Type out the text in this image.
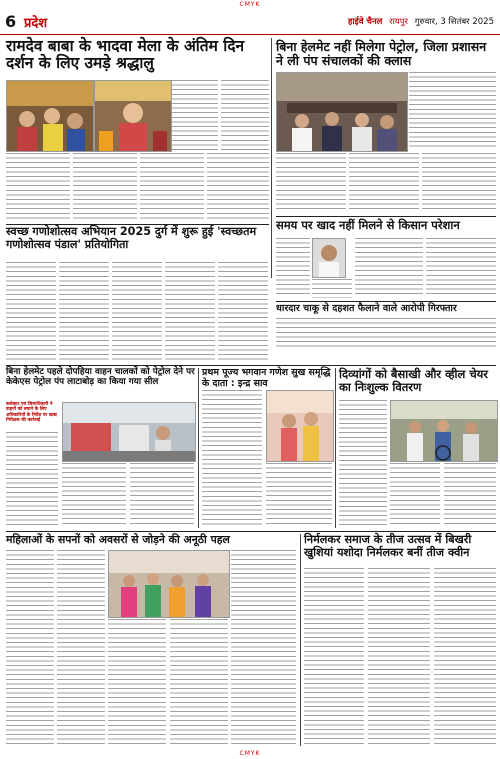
CMYK
6 प्रदेश	हाईवे चैनल रायपुर गुरुवार, 3 सितंबर 2025
रामदेव बाबा के भादवा मेला के अंतिम दिन दर्शन के लिए उमड़े श्रद्धालु
बिना हेलमेट नहीं मिलेगा पेट्रोल, जिला प्रशासन ने ली पंप संचालकों की क्लास
स्वच्छ गणोशोत्सव अभियान 2025 दुर्ग में शुरू हुई 'स्वच्छतम गणोशोत्सव पंडाल' प्रतियोगिता
समय पर खाद नहीं मिलने से किसान परेशान
धारदार चाकू से दहशत फैलाने वाले आरोपी गिरफ्तार
बिना हेलमेट पहले दोपहिया वाहन चालकों को पेट्रोल देने पर केकेएस पेट्रोल पंप लाटाबोड़ का किया गया सील
कलेक्टर एवं जिलाधिकारी ने वाहनों को बचाने के लिए अधिकारियों के निर्देश पर खाद्य निरीक्षक की कार्रवाई
प्रथम पूज्य भगवान गणेश सुख समृद्धि के दाता : इन्द्र साव
दिव्यांगों को बैसाखी और व्हील चेयर का निःशुल्क वितरण
महिलाओं के सपनों को अवसरों से जोड़ने की अनूठी पहल	निर्मलकर समाज के तीज उत्सव में बिखरी खुशियां यशोदा निर्मलकर बनीं तीज क्वीन
CMYK
